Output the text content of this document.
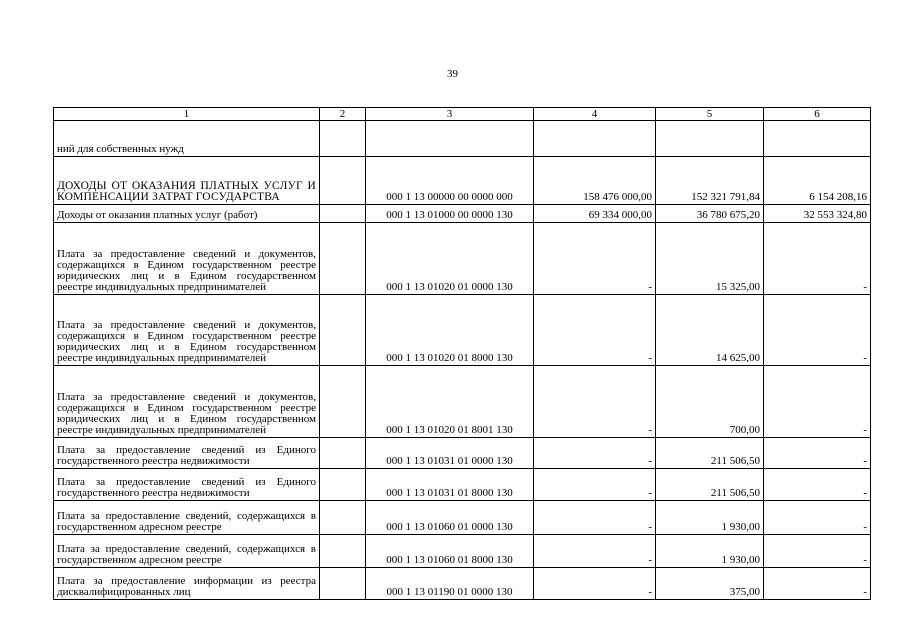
39
1	2	3	4	5	6
ний для собственных нужд					
ДОХОДЫ ОТ ОКАЗАНИЯ ПЛАТНЫХ УСЛУГ И КОМПЕНСАЦИИ ЗАТРАТ ГОСУДАРСТВА		000 1 13 00000 00 0000 000	158 476 000,00	152 321 791,84	6 154 208,16
Доходы от оказания платных услуг (работ)		000 1 13 01000 00 0000 130	69 334 000,00	36 780 675,20	32 553 324,80
Плата за предоставление сведений и документов, содержащихся в Едином государственном реестре юридических лиц и в Едином государственном реестре индивидуальных предпринимателей		000 1 13 01020 01 0000 130	-	15 325,00	-
Плата за предоставление сведений и документов, содержащихся в Едином государственном реестре юридических лиц и в Едином государственном реестре индивидуальных предпринимателей		000 1 13 01020 01 8000 130	-	14 625,00	-
Плата за предоставление сведений и документов, содержащихся в Едином государственном реестре юридических лиц и в Едином государственном реестре индивидуальных предпринимателей		000 1 13 01020 01 8001 130	-	700,00	-
Плата за предоставление сведений из Единого государственного реестра недвижимости		000 1 13 01031 01 0000 130	-	211 506,50	-
Плата за предоставление сведений из Единого государственного реестра недвижимости		000 1 13 01031 01 8000 130	-	211 506,50	-
Плата за предоставление сведений, содержащихся в государственном адресном реестре		000 1 13 01060 01 0000 130	-	1 930,00	-
Плата за предоставление сведений, содержащихся в государственном адресном реестре		000 1 13 01060 01 8000 130	-	1 930,00	-
Плата за предоставление информации из реестра дисквалифицированных лиц		000 1 13 01190 01 0000 130	-	375,00	-
